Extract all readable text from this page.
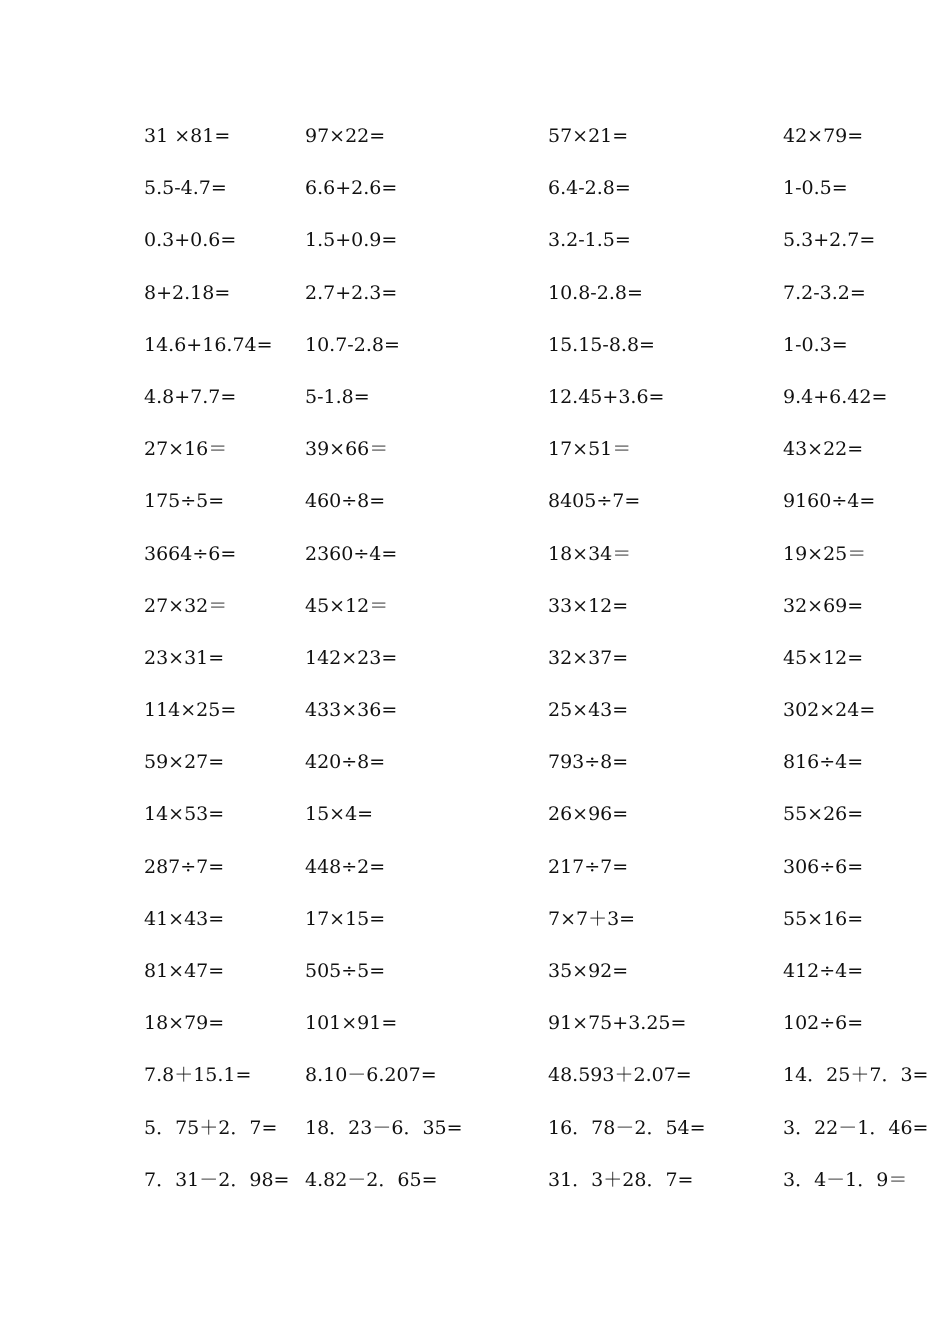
31 ×81=	97×22=	57×21=	42×79=
5.5-4.7=	6.6+2.6=	6.4-2.8=	1-0.5=
0.3+0.6=	1.5+0.9=	3.2-1.5=	5.3+2.7=
8+2.18=	2.7+2.3=	10.8-2.8=	7.2-3.2=
14.6+16.74=	10.7-2.8=	15.15-8.8=	1-0.3=
4.8+7.7=	5-1.8=	12.45+3.6=	9.4+6.42=
27×16＝	39×66＝	17×51＝	43×22=
175÷5=	460÷8=	8405÷7=	9160÷4=
3664÷6=	2360÷4=	18×34＝	19×25＝
27×32＝	45×12＝	33×12=	32×69=
23×31=	142×23=	32×37=	45×12=
114×25=	433×36=	25×43=	302×24=
59×27=	420÷8=	793÷8=	816÷4=
14×53=	15×4=	26×96=	55×26=
287÷7=	448÷2=	217÷7=	306÷6=
41×43=	17×15=	7×7＋3=	55×16=
81×47=	505÷5=	35×92=	412÷4=
18×79=	101×91=	91×75+3.25=	102÷6=
7.8＋15.1=	8.10－6.207=	48.593＋2.07=	14．25＋7．3=
5．75＋2．7=	18．23－6．35=	16．78－2．54=	3．22－1．46=
7．31－2．98= 4.82－2．65=	31．3＋28．7=	3．4－1．9＝
